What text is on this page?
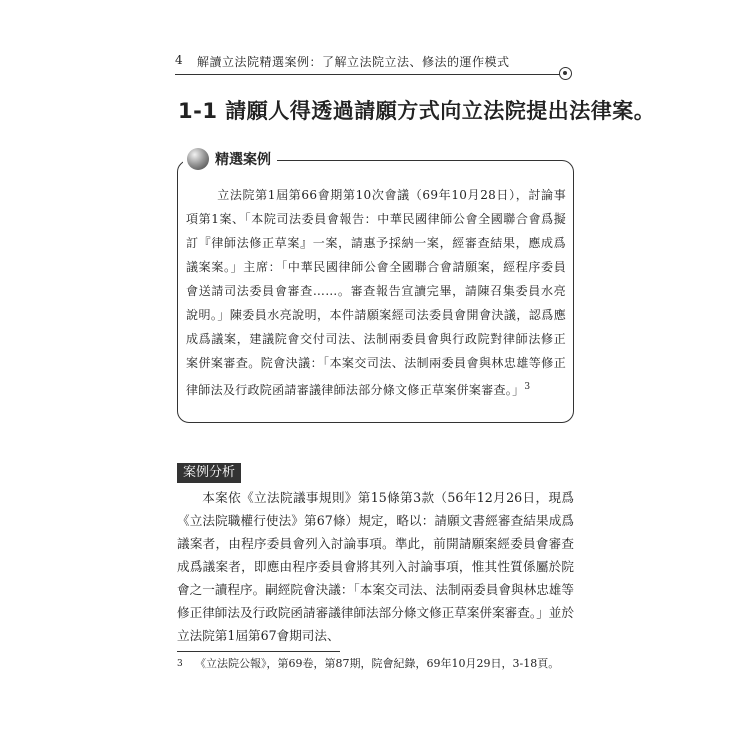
4 解讀立法院精選案例：了解立法院立法、修法的運作模式
1-1 請願人得透過請願方式向立法院提出法律案。
精選案例

立法院第1屆第66會期第10次會議（69年10月28日），討論事項第1案、「本院司法委員會報告：中華民國律師公會全國聯合會爲擬訂『律師法修正草案』一案，請惠予採納一案，經審查結果，應成爲議案案。」主席：「中華民國律師公會全國聯合會請願案，經程序委員會送請司法委員會審查……。審查報告宣讀完畢，請陳召集委員水亮說明。」陳委員水亮說明，本件請願案經司法委員會開會決議，認爲應成爲議案，建議院會交付司法、法制兩委員會與行政院對律師法修正案併案審查。院會決議：「本案交司法、法制兩委員會與林忠雄等修正律師法及行政院函請審議律師法部分條文修正草案併案審查。」$^3$

案例分析

本案依《立法院議事規則》第15條第3款（56年12月26日，現爲《立法院職權行使法》第67條）規定，略以：請願文書經審查結果成爲議案者，由程序委員會列入討論事項。準此，前開請願案經委員會審查成爲議案者，即應由程序委員會將其列入討論事項，惟其性質係屬於院會之一讀程序。嗣經院會決議：「本案交司法、法制兩委員會與林忠雄等修正律師法及行政院函請審議律師法部分條文修正草案併案審查。」並於立法院第1屆第67會期司法、

3 《立法院公報》，第69卷，第87期，院會紀錄，69年10月29日，3-18頁。
